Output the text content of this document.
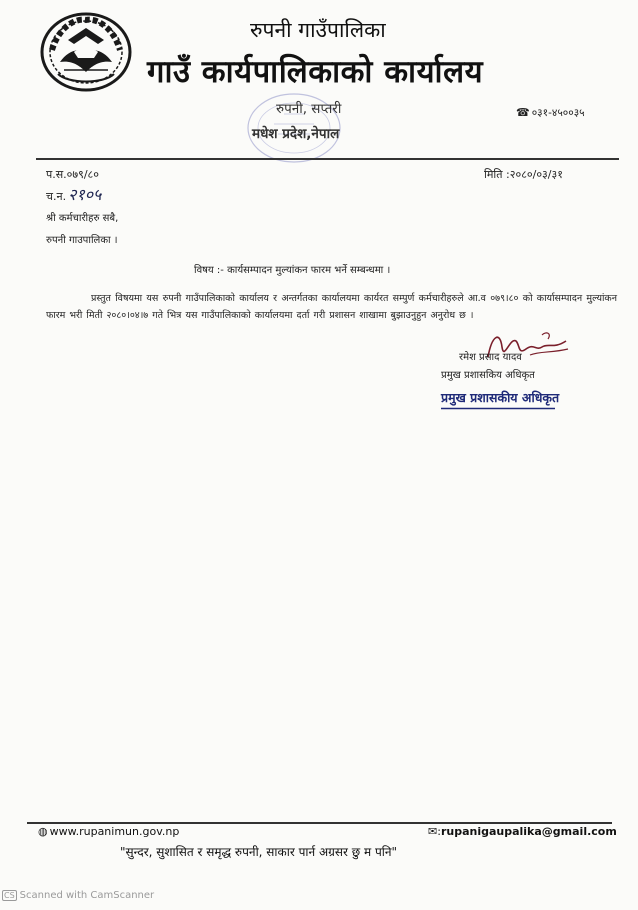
रुपनी गाउँपालिका
गाउँ कार्यपालिकाको कार्यालय
रुपनी, सप्तरी
मधेश प्रदेश,नेपाल
☎ ०३१-४५००३५
प.स.०७९/८०
च.न. २१०५
मिति :२०८०/०३/३१
श्री कर्मचारीहरु सबै,
रुपनी गाउपालिका ।
विषय :- कार्यसम्पादन मुल्यांकन फारम भर्ने सम्बन्धमा ।
प्रस्तुत विषयमा यस रुपनी गाउँपालिकाको कार्यालय र अन्तर्गतका कार्यालयमा कार्यरत सम्पुर्ण कर्मचारीहरुले आ.व ०७९।८० को कार्यासम्पादन मुल्यांकन फारम भरी मिती २०८०।०४।७ गते भित्र यस गाउँपालिकाको कार्यालयमा दर्ता गरी प्रशासन शाखामा बुझाउनुहुन अनुरोध छ ।
रमेश प्रसाद यादव
प्रमुख प्रशासकिय अधिकृत
प्रमुख प्रशासकीय अधिकृत
◍ www.rupanimun.gov.np	✉:rupanigaupalika@gmail.com
"सुन्दर, सुशासित र समृद्ध रुपनी, साकार पार्न अग्रसर छु म पनि"
CS Scanned with CamScanner
